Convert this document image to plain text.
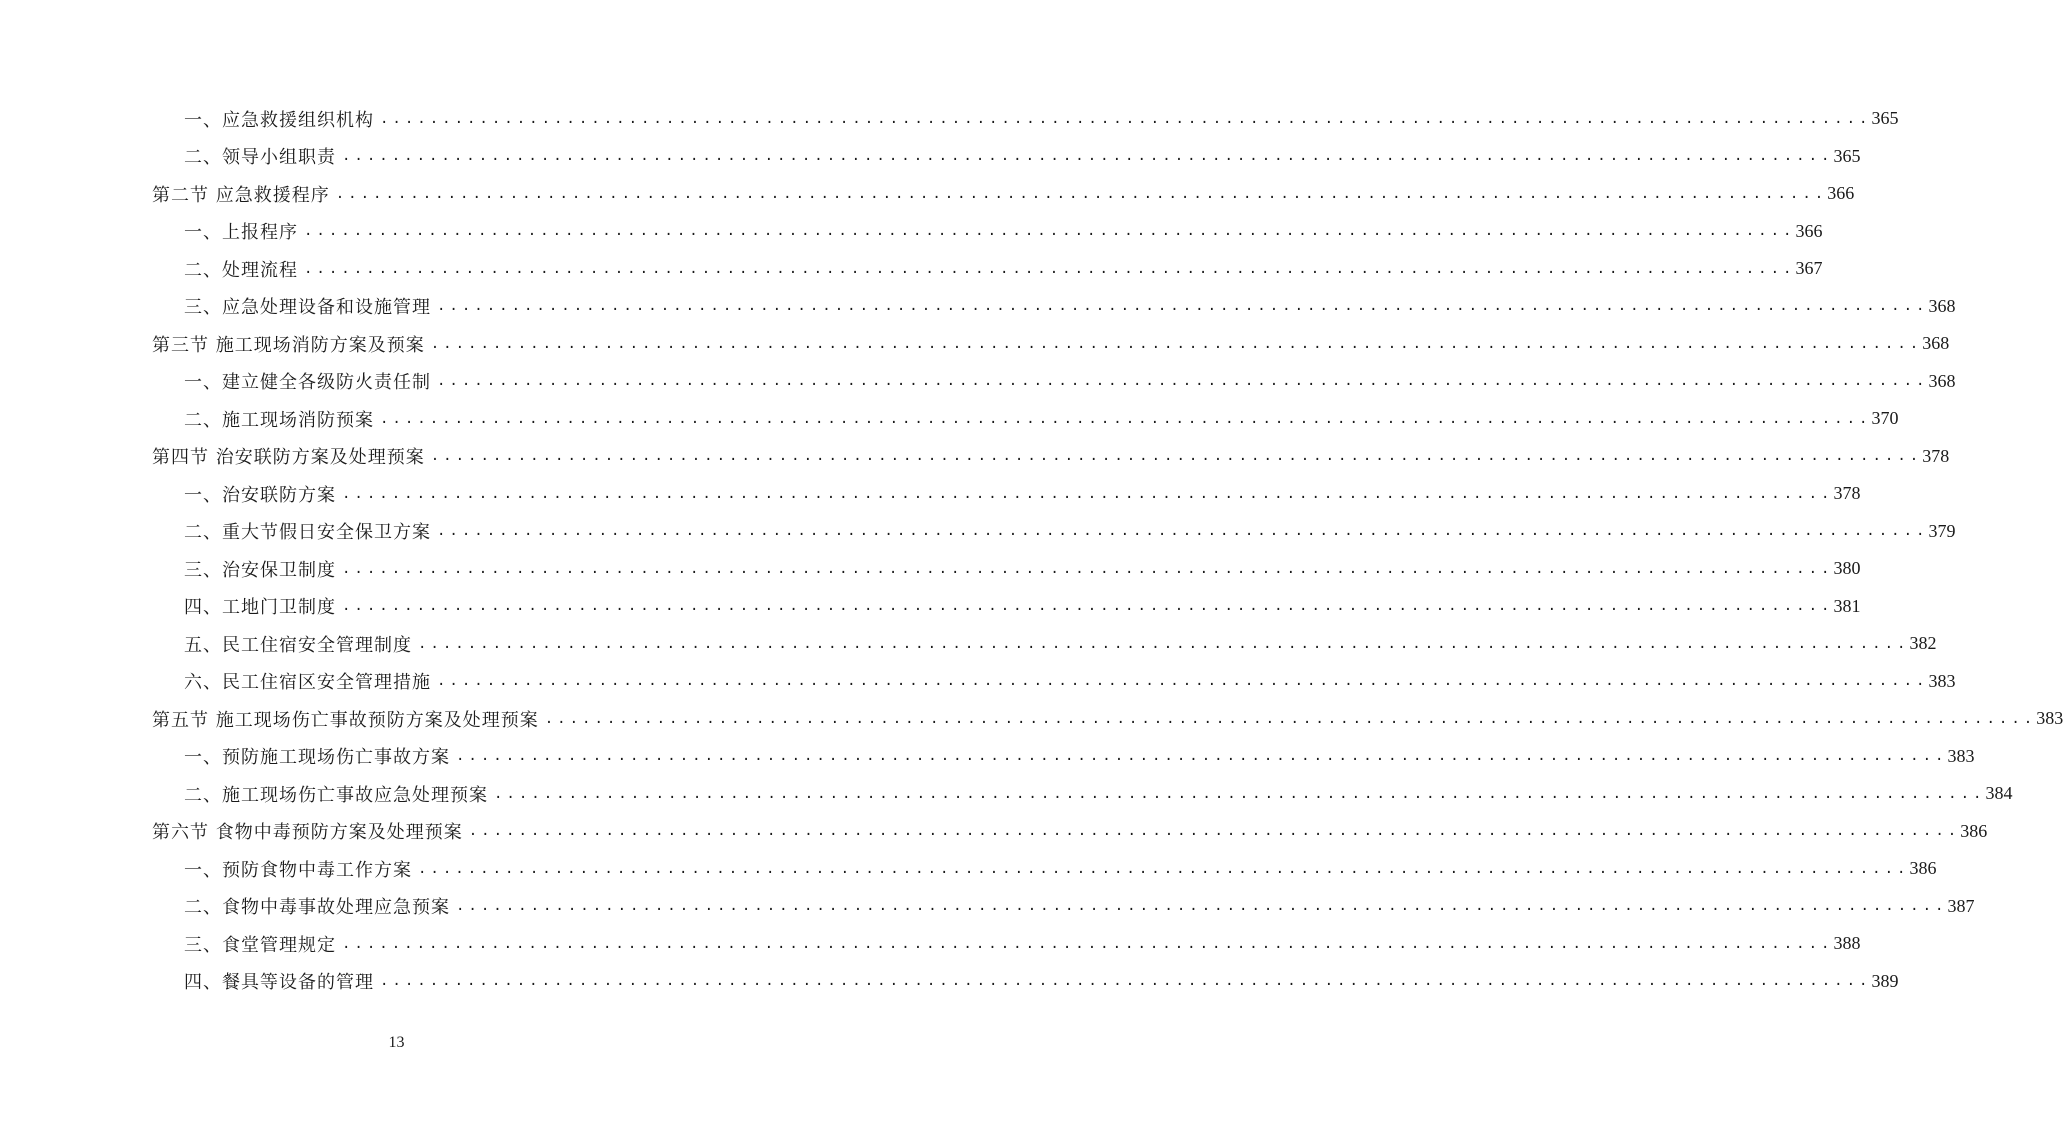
一、应急救援组织机构 ........................................................................................................................ 365
二、领导小组职责 ........................................................................................................................ 365
第二节 应急救援程序 ........................................................................................................................ 366
一、上报程序 ........................................................................................................................ 366
二、处理流程 ........................................................................................................................ 367
三、应急处理设备和设施管理 ........................................................................................................................ 368
第三节 施工现场消防方案及预案 ........................................................................................................................ 368
一、建立健全各级防火责任制 ........................................................................................................................ 368
二、施工现场消防预案 ........................................................................................................................ 370
第四节 治安联防方案及处理预案 ........................................................................................................................ 378
一、治安联防方案 ........................................................................................................................ 378
二、重大节假日安全保卫方案 ........................................................................................................................ 379
三、治安保卫制度 ........................................................................................................................ 380
四、工地门卫制度 ........................................................................................................................ 381
五、民工住宿安全管理制度 ........................................................................................................................ 382
六、民工住宿区安全管理措施 ........................................................................................................................ 383
第五节 施工现场伤亡事故预防方案及处理预案 ........................................................................................................................ 383
一、预防施工现场伤亡事故方案 ........................................................................................................................ 383
二、施工现场伤亡事故应急处理预案 ........................................................................................................................ 384
第六节 食物中毒预防方案及处理预案 ........................................................................................................................ 386
一、预防食物中毒工作方案 ........................................................................................................................ 386
二、食物中毒事故处理应急预案 ........................................................................................................................ 387
三、食堂管理规定 ........................................................................................................................ 388
四、餐具等设备的管理 ........................................................................................................................ 389
13
